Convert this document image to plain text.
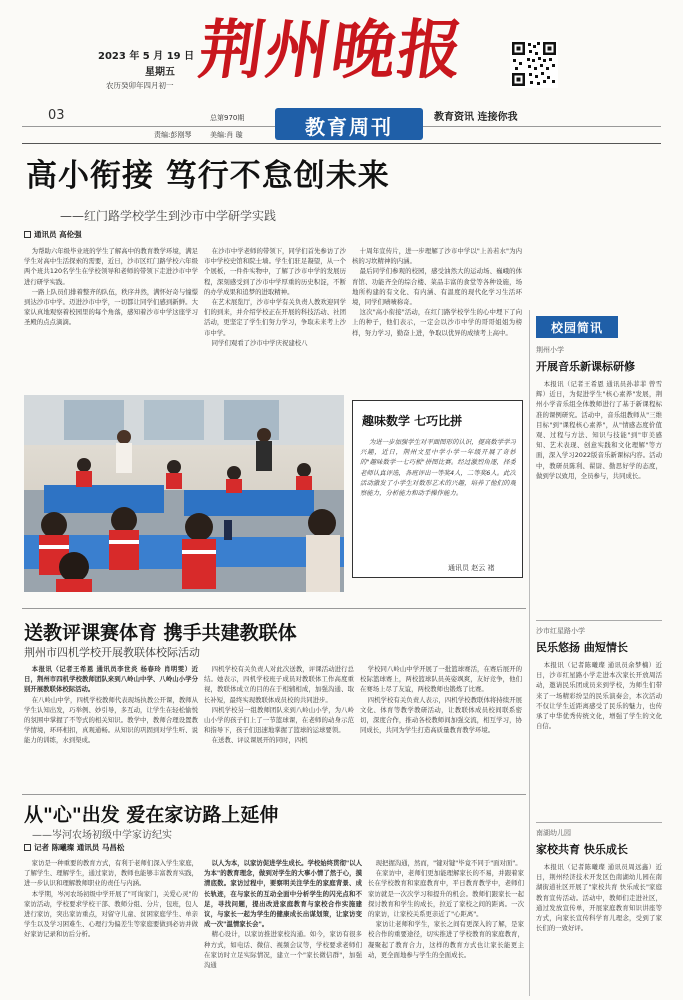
2023 年 5 月 19 日
星期五
农历癸卯年四月初一 荆州晚报
03	总第970期
责编:彭刚琴	美编:肖 璇	教育周刊	教育资讯 连接你我
高小衔接 笃行不怠创未来
——红门路学校学生到沙市中学研学实践
通讯员 高伦强
为帮助六年级毕业班的学生了解高中的教育教学环境，满足学生对高中生活探索的需要，近日，沙市区红门路学校六年级两个班共120名学生在学校领导和老师的带领下走进沙市中学进行研学实践。
一路上队员们排着整齐的队伍，秩序井然，满怀好奇与憧憬到达沙市中学。迈进沙市中学，一切都让同学们感到新鲜。大家认真地观察着校园里的每个角落，感知着沙市中学这座学习圣殿的点点滴滴。
在沙市中学老师的带领下，同学们首先参访了沙市中学校史馆和院士墙。学生们驻足凝望，从一个个展板，一件件实物中，了解了沙市中学的发展历程，深刻感受到了沙市中学厚重的历史积淀，不断的办学成果和追梦的进取精神。
在艺术展览厅，沙市中学有关负责人教欢迎同学们的到来，并介绍学校正在开展的科技活动、社团活动，更坚定了学生们努力学习，争取未来考上沙市中学。
同学们观看了沙市中学庆祝建校八
十周年宣传片，进一步理解了沙市中学以"上善若水"为内核的习坎精神的内涵。
最后同学们参观的校园，感受油然大的运动场、巍峨的体育馆、功能齐全的综合楼、菜品丰富的食堂等各种设施，场地所构建的有文化、有内涵、有温度的现代化学习生活环境，同学们啧啧称奇。
这次"高小衔接"活动，在红门路学校学生的心中埋下了向上的种子，他们表示，一定会以沙市中学的哥哥姐姐为榜样，努力学习，勤奋上进，争取以优异的成绩考上高中。
趣味数学 七巧比拼
为进一步加强学生对平面图形的认识，提高数学学习兴趣，近日，荆州文星中学小学一年级开展了奇妙的"趣味数学一七巧板"拼图比赛。经过激烈角逐，择委老师认真评选，各班评出一等奖4人，二等奖6人。此次活动激发了小学生对数形艺术的兴趣，培养了他们的观察能力，分析能力和动手操作能力。
通讯员 赵云 褚
送教评课赛体育 携手共建教联体
荆州市四机学校开展教联体校际活动
本报讯（记者王希恩 通讯员李世炎 杨春玲 肖明雯）近日，荆州市四机学校教师团队来到八岭山中学、八岭山小学分别开展教联体校际活动。
在八岭山中学，四机学校教师代表现场执教公开课，教师从学生认知出发，巧举例、妙引导，多互动，让学生在轻松愉悦的氛围中掌握了不等式的相关知识。教学中，教师合理设置教学情境，环环相扣，真观通畅。从知识的巩固到对学生听、说能力的训练，水到渠成。
四机学校有关负责人对此次送教，评课活动进行总结。她表示，四机学校班子成员对教联体工作高度重视，教联体成立的目的在于相辅相成，加强沟通、取长补短，最终实现教联体成员校的共同进步。
四机学校另一组教师团队来到八岭山小学，为八岭山小学的孩子们上了一节篮球课，在老师的动身示范和指导下，孩子们迅速地掌握了篮球的运球要领。
在送教、评议课展开的同时，四机
学校同八岭山中学开展了一批篮球赛活，在赛后展开的校际篮球赛上，两校篮球队员英姿飒爽，友好竞争，他们在赛场上尽了友谊，两校教师也锻炼了比赛。
四机学校有关负责人表示，四机学校教联体将持续开展文化、体育等教学教研活动，让教联体成员校间联系密切，深度合作，推动各校教师间加强交流，相互学习，协同成长，共同为学生打造高质量教育教学环境。
从"心"出发 爱在家访路上延伸
——岑河农场初级中学家访纪实
记者 陈曦璨 通讯员 马昌松
家访是一种重要的教育方式，有利于老师们深入学生家庭，了解学生、理解学生，通过家访，教师也能够丰富教育实践，进一步认识和理解教师职业的责任与内涵。
本学期，岑河农场初级中学开展了"可询家门，关爱心灵"的家访活动，学校要求学校干部、教师分组、分片，包班，包人进行家访，突出家访重点，对留守儿童、贫困家庭学生、单亲学生以及学习困难生、心理行为偏差生等家庭要做到必访并做好家访记录和访后分析。
以人为本，以家访促进学生成长。学校始终贯彻"以人为本"的教育理念，做到对学生的大事小情了然于心，摸清底数。家访过程中，要察明关注学生的家庭背景、成长轨迹，在与家长的互动全面中分析学生的闪光点和不足，寻找问题，提出改进家庭教育与家校合作实施建议，与家长一起为学生的健康成长出谋划策，让家访变成一次"温情家长会"。
精心设计，以家访推进家校沟通。如今，家访有很多种方式，如电话、微信、视频会议等，学校要求老师们在家访时立足实际情况，建立一个"家长微信群"，加强沟通
现把握沟通，然而，"键对键"毕竟不同于"面对面"。
在家访中，老师们更加能理解家长的不易，并跟着家长在学校教育和家庭教育中，平日教育教学中，老师们家访就是一次次学习和提升的机会。教师们跟家长一起探讨教育和学生的成长，拉近了家校之间的距离。一次的家访，让家校关系更亲近了"心距离"。
家访让老师和学生，家长之间有更深入的了解，是家校合作的重要途径，切实推进了学校教育的家庭教育，凝聚起了教育合力，这样的教育方式也让家长能更主动，更全面地参与学生的全面成长。
校园简讯
荆州小学
开展音乐新课标研修
本报讯（记者王希恩 通讯员孙菲菲 曾雪辉）近日，为促进学生"核心素养"发展，荆州小学音乐组全体教师进行了基于新课程标准的课例研究。活动中，音乐组教师从"三维目标"到"课程核心素养"，从"情感态度价值观、过程与方法、知识与技能"到"审美感知、艺术表现、创意实践和文化理解"等方面，深入学习2022版音乐新课标内容。活动中，教研员陈利、翟尉、勤思好学的态度，做到学以致用，全员参与，共同成长。
沙市红星路小学
民乐悠扬 曲短情长
本报讯（记者陈曦璨 通讯员余梦楠）近日，沙市红星路小学走进本次家长开放周活动，邀请民乐团成员来到学校，为师生们带来了一场精彩纷呈的民乐演奏会，本次活动不仅让学生近距离感受了民乐的魅力，也传承了中华优秀传统文化，增强了学生的文化自信。
南湖幼儿园
家校共育 快乐成长
本报讯（记者陈曦璨 通讯员周远鑫）近日，荆州经济技术开发区色南湖幼儿园在南湖街道社区开展了"家校共育 快乐成长"家庭教育宣传活动。活动中，教师们走进社区，通过发放宣传单，开展家庭教育知识讲座等方式，向家长宣传科学育儿理念，受到了家长们的一致好评。
